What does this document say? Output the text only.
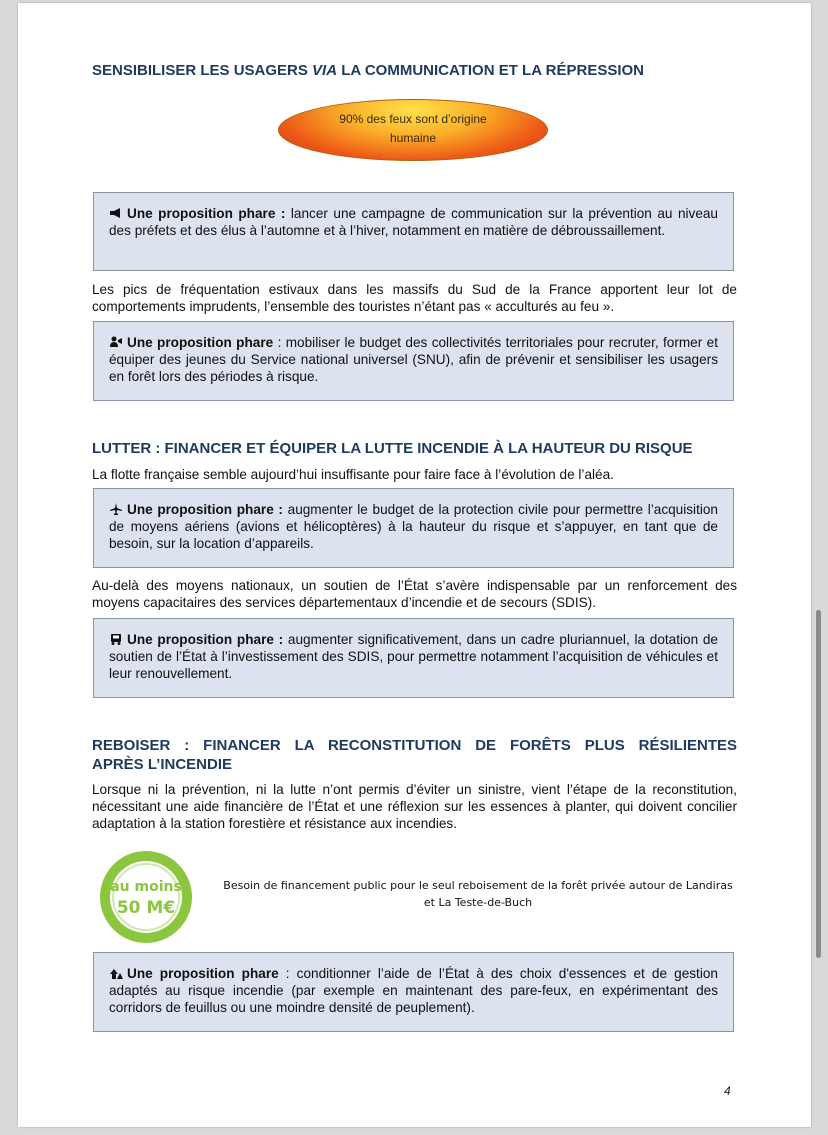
SENSIBILISER LES USAGERS VIA LA COMMUNICATION ET LA RÉPRESSION
90% des feux sont d’origine
humaine
Une proposition phare : lancer une campagne de communication sur la prévention au niveau des préfets et des élus à l’automne et à l’hiver, notamment en matière de débroussaillement.
Les pics de fréquentation estivaux dans les massifs du Sud de la France apportent leur lot de comportements imprudents, l’ensemble des touristes n’étant pas « acculturés au feu ».
Une proposition phare : mobiliser le budget des collectivités territoriales pour recruter, former et équiper des jeunes du Service national universel (SNU), afin de prévenir et sensibiliser les usagers en forêt lors des périodes à risque.
LUTTER : FINANCER ET ÉQUIPER LA LUTTE INCENDIE À LA HAUTEUR DU RISQUE
La flotte française semble aujourd’hui insuffisante pour faire face à l’évolution de l’aléa.
Une proposition phare : augmenter le budget de la protection civile pour permettre l’acquisition de moyens aériens (avions et hélicoptères) à la hauteur du risque et s’appuyer, en tant que de besoin, sur la location d’appareils.
Au-delà des moyens nationaux, un soutien de l’État s’avère indispensable par un renforcement des moyens capacitaires des services départementaux d’incendie et de secours (SDIS).
Une proposition phare : augmenter significativement, dans un cadre pluriannuel, la dotation de soutien de l’État à l’investissement des SDIS, pour permettre notamment l’acquisition de véhicules et leur renouvellement.
REBOISER : FINANCER LA RECONSTITUTION DE FORÊTS PLUS RÉSILIENTES
APRÈS L’INCENDIE
Lorsque ni la prévention, ni la lutte n’ont permis d’éviter un sinistre, vient l’étape de la reconstitution, nécessitant une aide financière de l’État et une réflexion sur les essences à planter, qui doivent concilier adaptation à la station forestière et résistance aux incendies.
au moins
50 M€
Besoin de financement public pour le seul reboisement de la forêt privée autour de Landiras et La Teste-de-Buch
Une proposition phare : conditionner l’aide de l’État à des choix d'essences et de gestion adaptés au risque incendie (par exemple en maintenant des pare-feux, en expérimentant des corridors de feuillus ou une moindre densité de peuplement).
4
